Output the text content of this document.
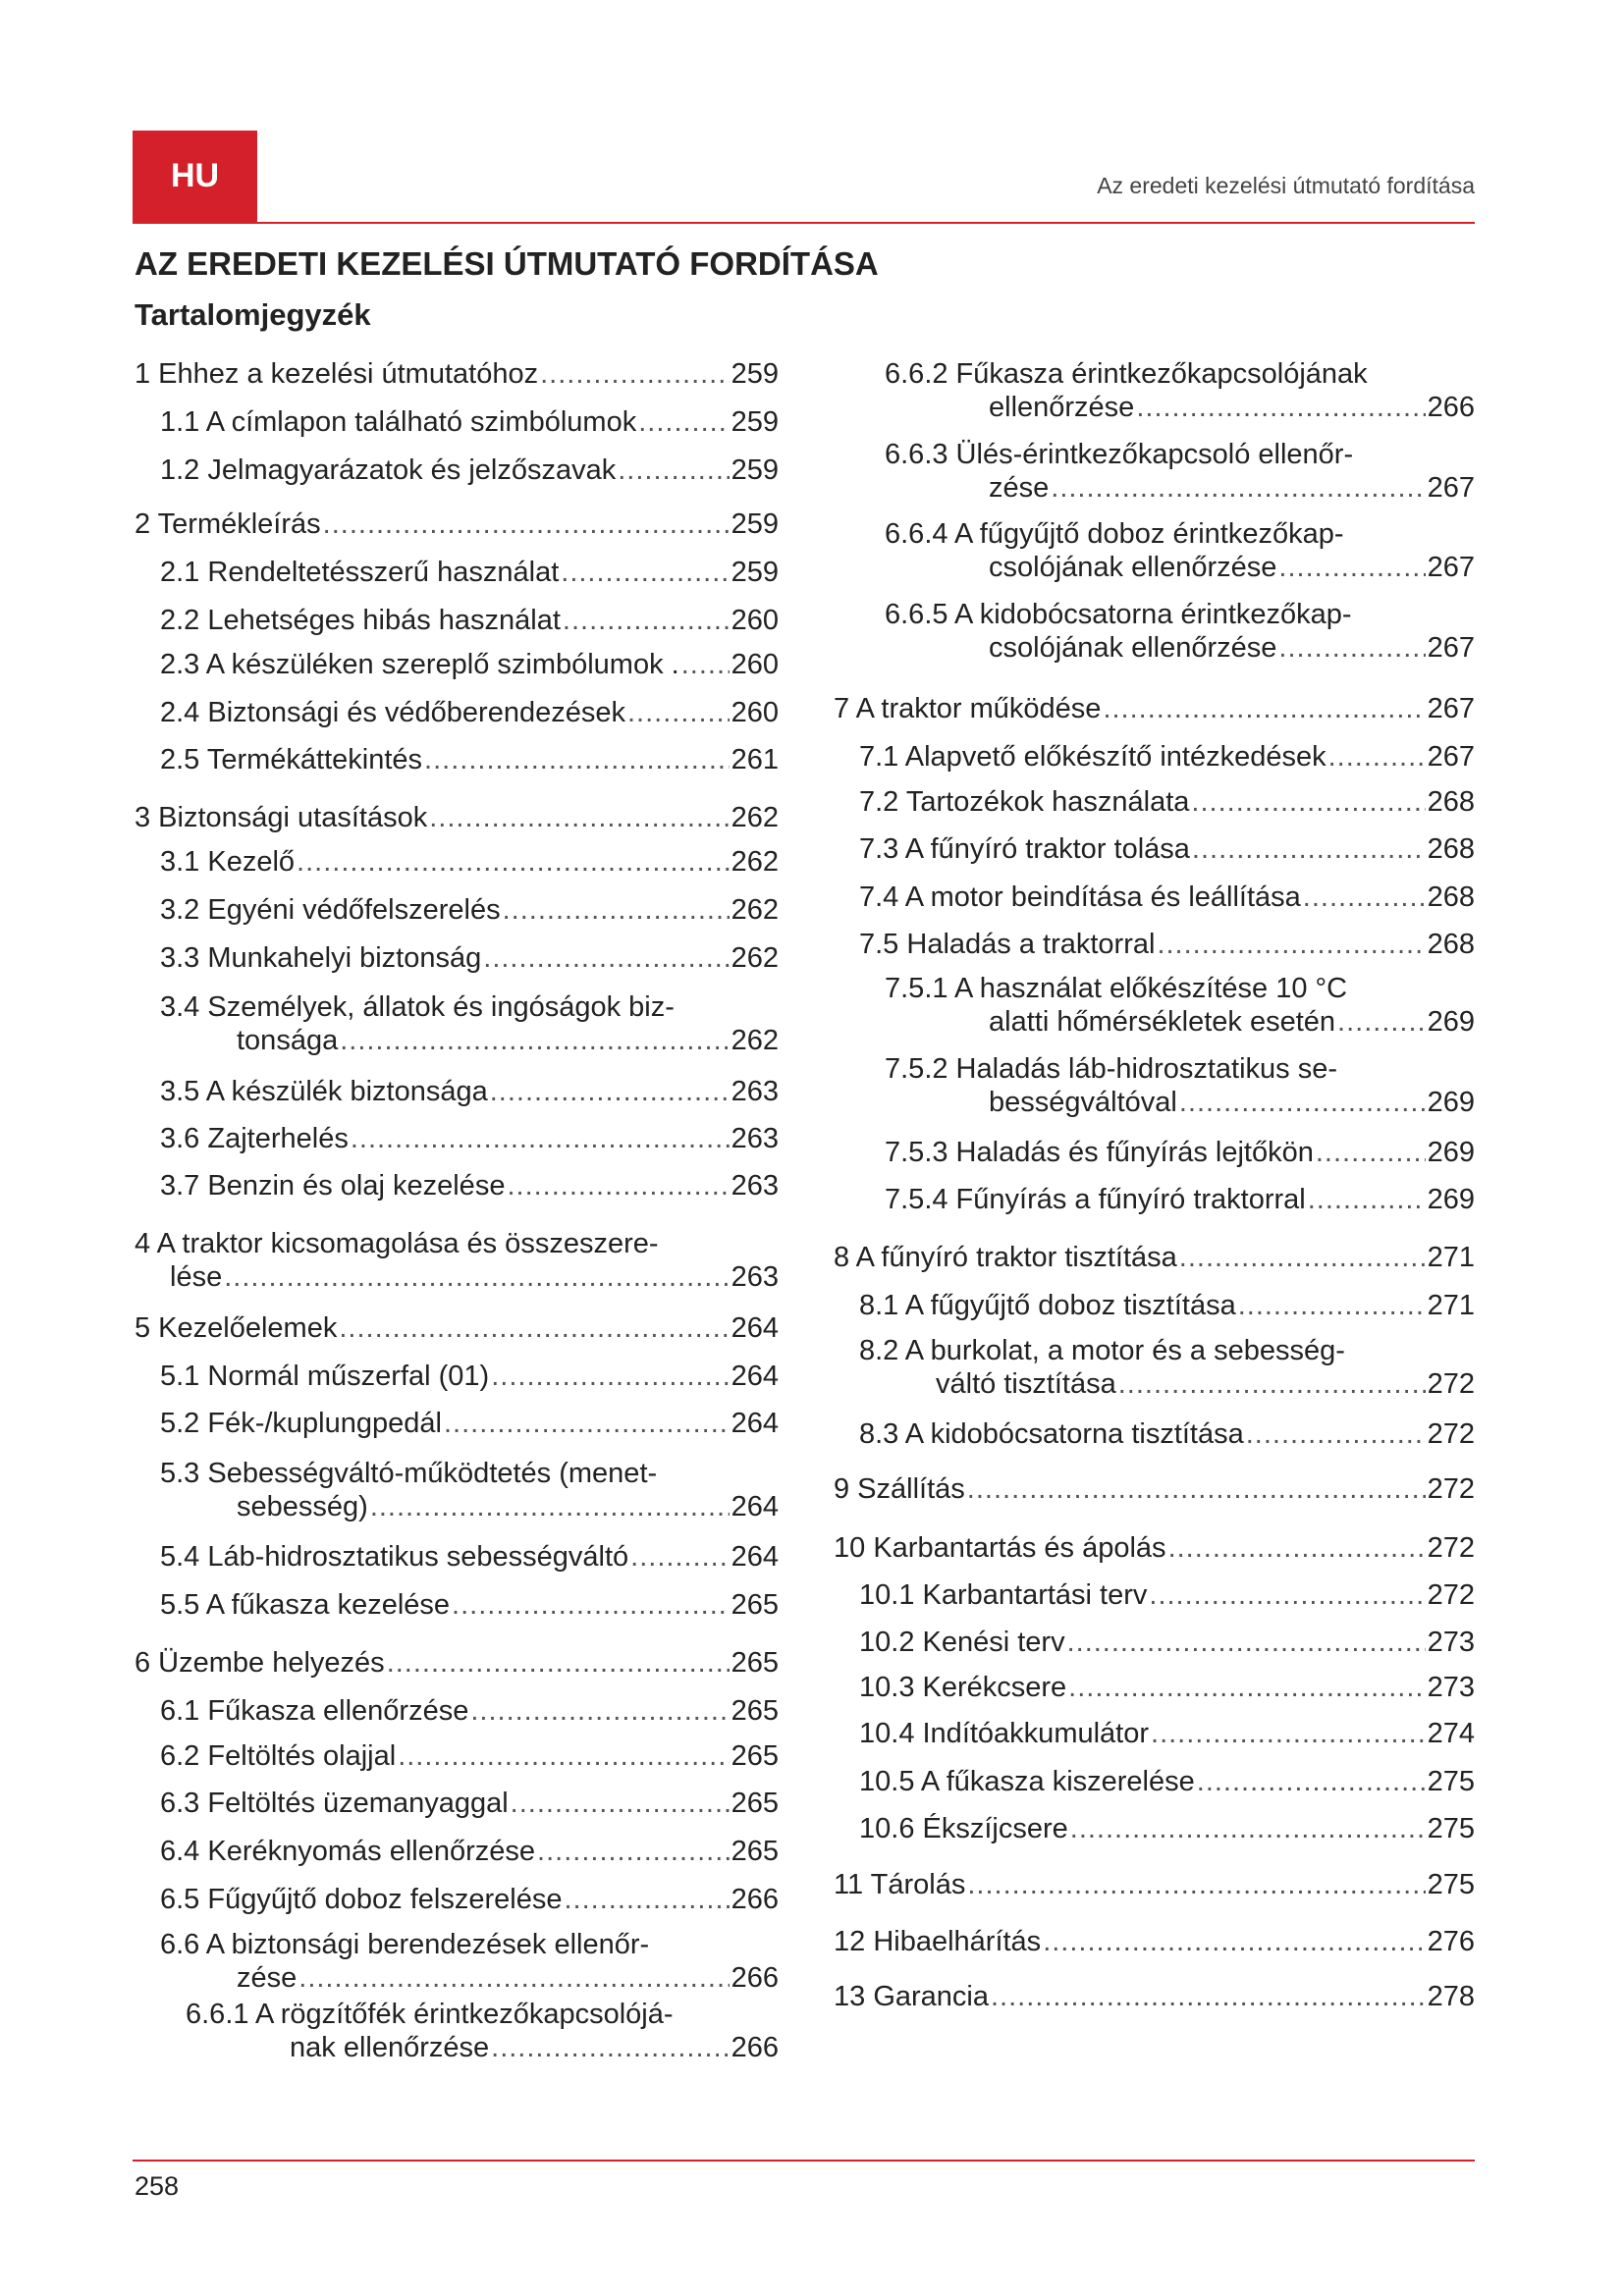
HU	Az eredeti kezelési útmutató fordítása
AZ EREDETI KEZELÉSI ÚTMUTATÓ FORDÍTÁSA
Tartalomjegyzék
1 Ehhez a kezelési útmutatóhoz .....	259
1.1 A címlapon található szimbólumok .....	259
1.2 Jelmagyarázatok és jelzőszavak .....	259
2 Termékleírás .....	259
2.1 Rendeltetésszerű használat .....	259
2.2 Lehetséges hibás használat .....	260
2.3 A készüléken szereplő szimbólumok . ..... 260
2.4 Biztonsági és védőberendezések .....	260
2.5 Termékáttekintés .....	261
3 Biztonsági utasítások .....	262
3.1 Kezelő .....	262
3.2 Egyéni védőfelszerelés .....	262
3.3 Munkahelyi biztonság .....	262
3.4 Személyek, állatok és ingóságok biz-
tonsága .....	262
3.5 A készülék biztonsága .....	263
3.6 Zajterhelés .....	263
3.7 Benzin és olaj kezelése .....	263
4 A traktor kicsomagolása és összeszere-
lése .....	263
5 Kezelőelemek .....	264
5.1 Normál műszerfal (01) .....	264
5.2 Fék-/kuplungpedál .....	264
5.3 Sebességváltó-működtetés (menet-
sebesség) .....	264
5.4 Láb-hidrosztatikus sebességváltó .....	264
5.5 A fűkasza kezelése .....	265
6 Üzembe helyezés .....	265
6.1 Fűkasza ellenőrzése .....	265
6.2 Feltöltés olajjal .....	265
6.3 Feltöltés üzemanyaggal .....	265
6.4 Keréknyomás ellenőrzése .....	265
6.5 Fűgyűjtő doboz felszerelése .....	266
6.6 A biztonsági berendezések ellenőr-
zése .....	266
6.6.1 A rögzítőfék érintkezőkapcsolójá-
nak ellenőrzése .....	266
6.6.2 Fűkasza érintkezőkapcsolójának
ellenőrzése .....	266
6.6.3 Ülés-érintkezőkapcsoló ellenőr-
zése .....	267
6.6.4 A fűgyűjtő doboz érintkezőkap-
csolójának ellenőrzése .....	267
6.6.5 A kidobócsatorna érintkezőkap-
csolójának ellenőrzése .....	267
7 A traktor működése .....	267
7.1 Alapvető előkészítő intézkedések .....	267
7.2 Tartozékok használata .....	268
7.3 A fűnyíró traktor tolása .....	268
7.4 A motor beindítása és leállítása .....	268
7.5 Haladás a traktorral .....	268
7.5.1 A használat előkészítése 10 °C
alatti hőmérsékletek esetén .....	269
7.5.2 Haladás láb-hidrosztatikus se-
bességváltóval .....	269
7.5.3 Haladás és fűnyírás lejtőkön .....	269
7.5.4 Fűnyírás a fűnyíró traktorral .....	269
8 A fűnyíró traktor tisztítása .....	271
8.1 A fűgyűjtő doboz tisztítása .....	271
8.2 A burkolat, a motor és a sebesség-
váltó tisztítása .....	272
8.3 A kidobócsatorna tisztítása .....	272
9 Szállítás .....	272
10 Karbantartás és ápolás .....	272
10.1 Karbantartási terv .....	272
10.2 Kenési terv .....	273
10.3 Kerékcsere .....	273
10.4 Indítóakkumulátor .....	274
10.5 A fűkasza kiszerelése .....	275
10.6 Ékszíjcsere .....	275
11 Tárolás .....	275
12 Hibaelhárítás .....	276
13 Garancia .....	278
258
